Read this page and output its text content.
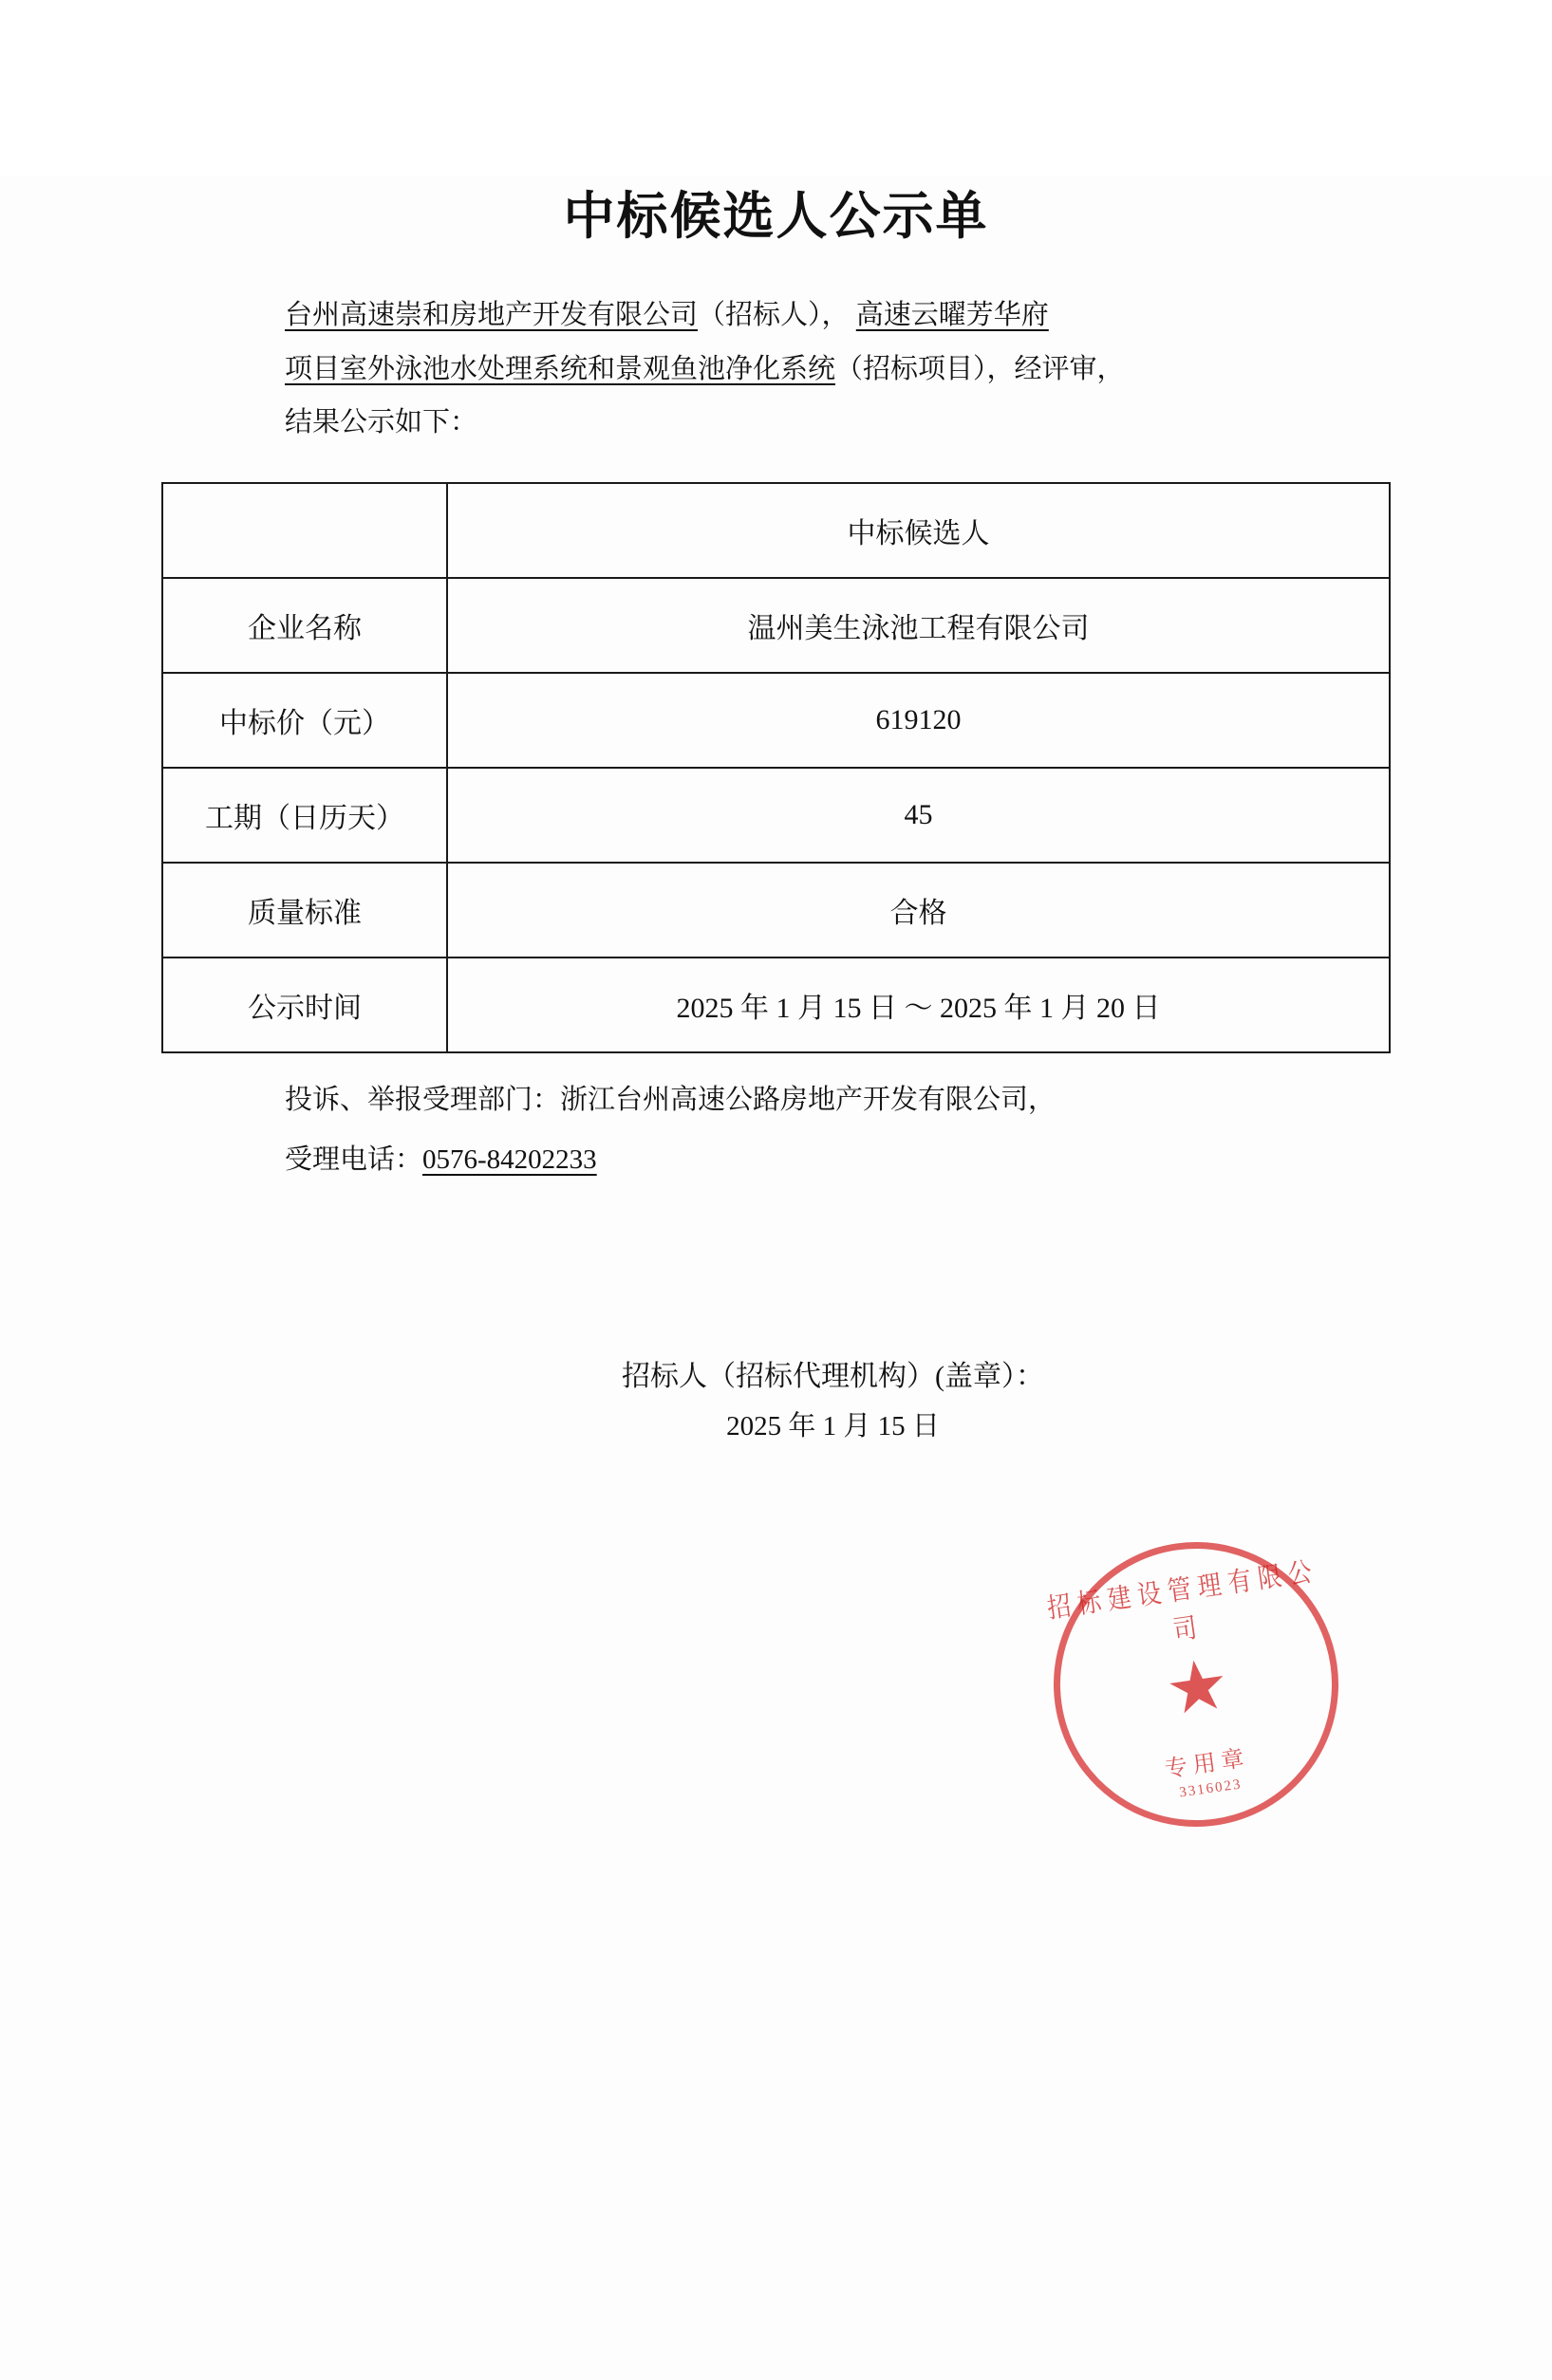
中标候选人公示单
台州高速崇和房地产开发有限公司（招标人）， 高速云曜芳华府
项目室外泳池水处理系统和景观鱼池净化系统（招标项目），经评审，
结果公示如下：
	中标候选人
企业名称	温州美生泳池工程有限公司
中标价（元）	619120
工期（日历天）	45
质量标准	合格
公示时间	2025 年 1 月 15 日 ～ 2025 年 1 月 20 日
投诉、举报受理部门：浙江台州高速公路房地产开发有限公司，
受理电话：0576-84202233
招标人（招标代理机构）(盖章）：
2025 年 1 月 15 日
招标建设管理有限公司
★
专用章
3316023
